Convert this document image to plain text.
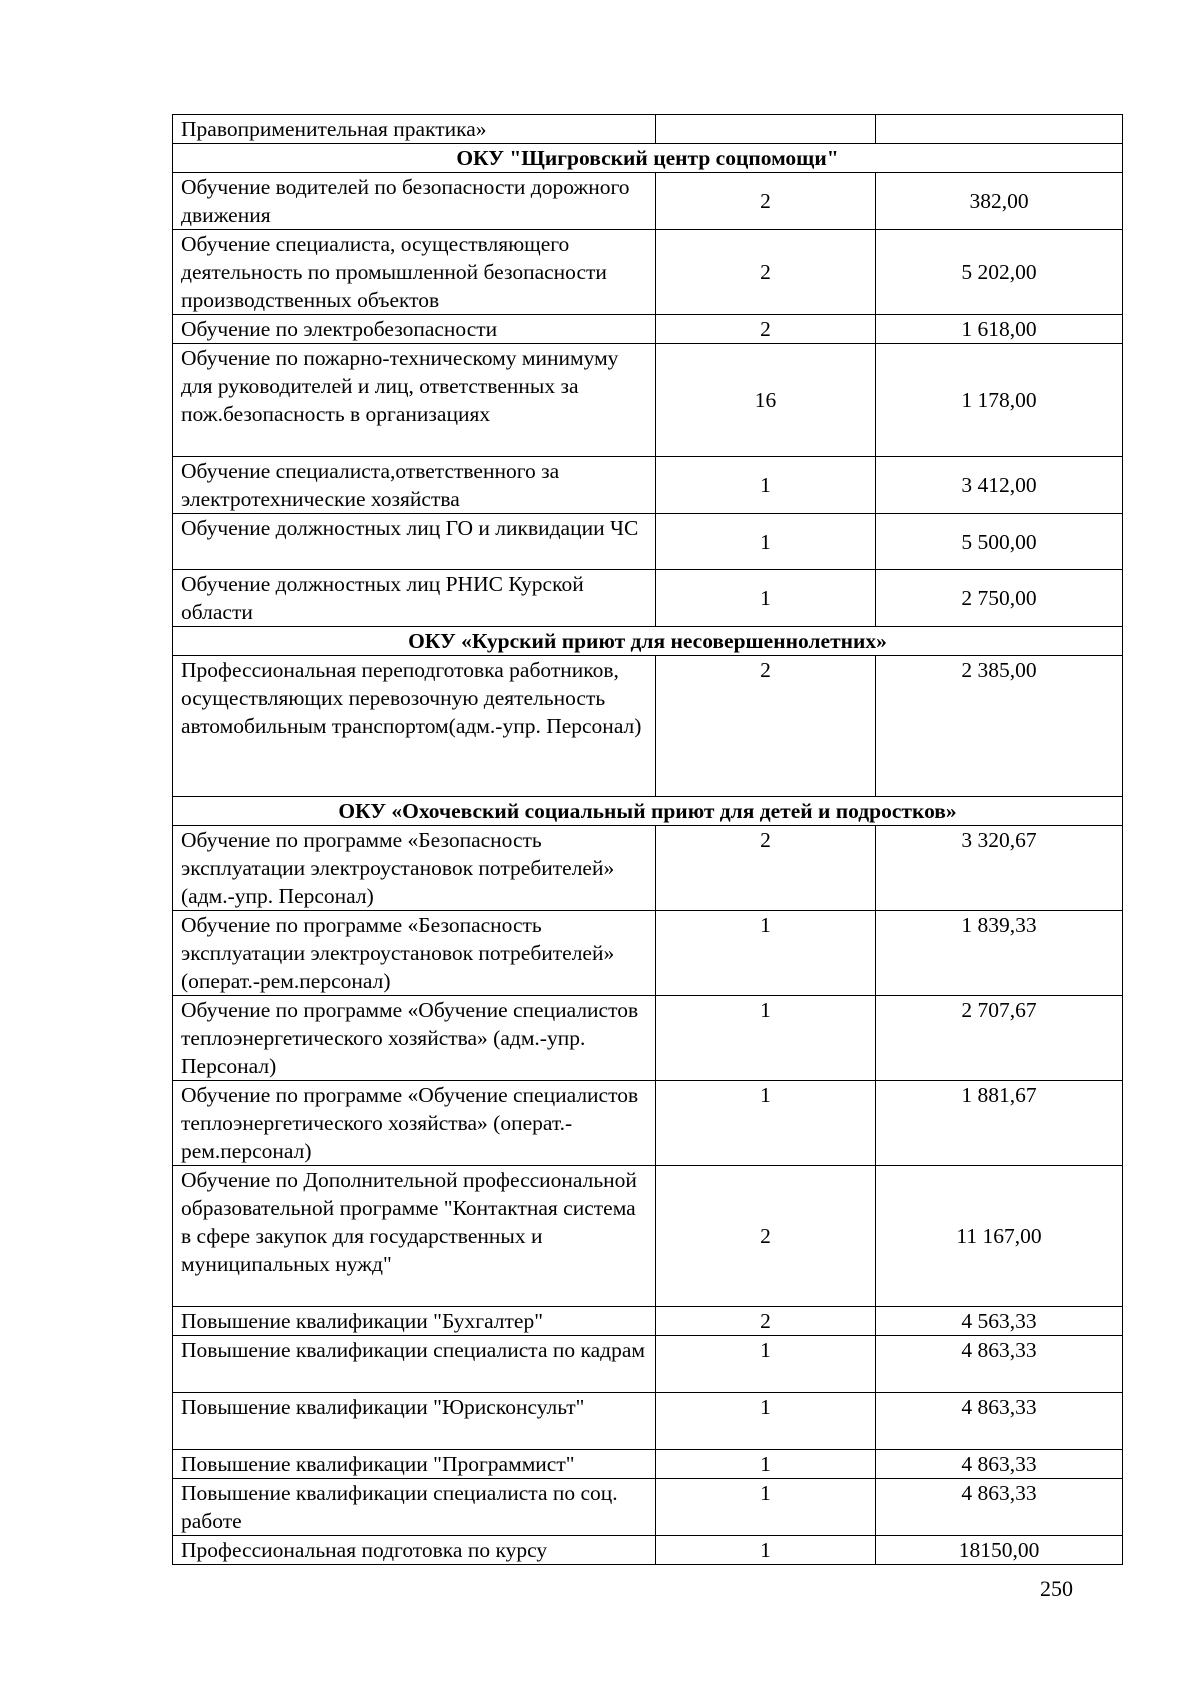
Правоприменительная практика»		
ОКУ "Щигровский центр соцпомощи"		
Обучение водителей по безопасности дорожного движения	2	382,00
Обучение специалиста, осуществляющего деятельность по промышленной безопасности производственных объектов	2	5 202,00
Обучение по электробезопасности	2	1 618,00
Обучение по пожарно-техническому минимуму для руководителей и лиц, ответственных за пож.безопасность в организациях	16	1 178,00
Обучение специалиста,ответственного за электротехнические хозяйства	1	3 412,00
Обучение должностных лиц ГО и ликвидации ЧС	1	5 500,00
Обучение должностных лиц РНИС Курской области	1	2 750,00
ОКУ «Курский приют для несовершеннолетних»		
Профессиональная переподготовка работников, осуществляющих перевозочную деятельность автомобильным транспортом(адм.-упр. Персонал)	2	2 385,00
ОКУ «Охочевский социальный приют для детей и подростков»		
Обучение по программе «Безопасность эксплуатации электроустановок потребителей» (адм.-упр. Персонал)	2	3 320,67
Обучение по программе «Безопасность эксплуатации электроустановок потребителей» (операт.-рем.персонал)	1	1 839,33
Обучение по программе «Обучение специалистов теплоэнергетического хозяйства» (адм.-упр. Персонал)	1	2 707,67
Обучение по программе «Обучение специалистов теплоэнергетического хозяйства» (операт.-рем.персонал)	1	1 881,67
Обучение по Дополнительной профессиональной образовательной программе "Контактная система в сфере закупок для государственных и муниципальных нужд"	2	11 167,00
Повышение квалификации "Бухгалтер"	2	4 563,33
Повышение квалификации специалиста по кадрам	1	4 863,33
Повышение квалификации "Юрисконсульт"	1	4 863,33
Повышение квалификации "Программист"	1	4 863,33
Повышение квалификации специалиста по соц. работе	1	4 863,33
Профессиональная подготовка по курсу	1	18150,00
250
